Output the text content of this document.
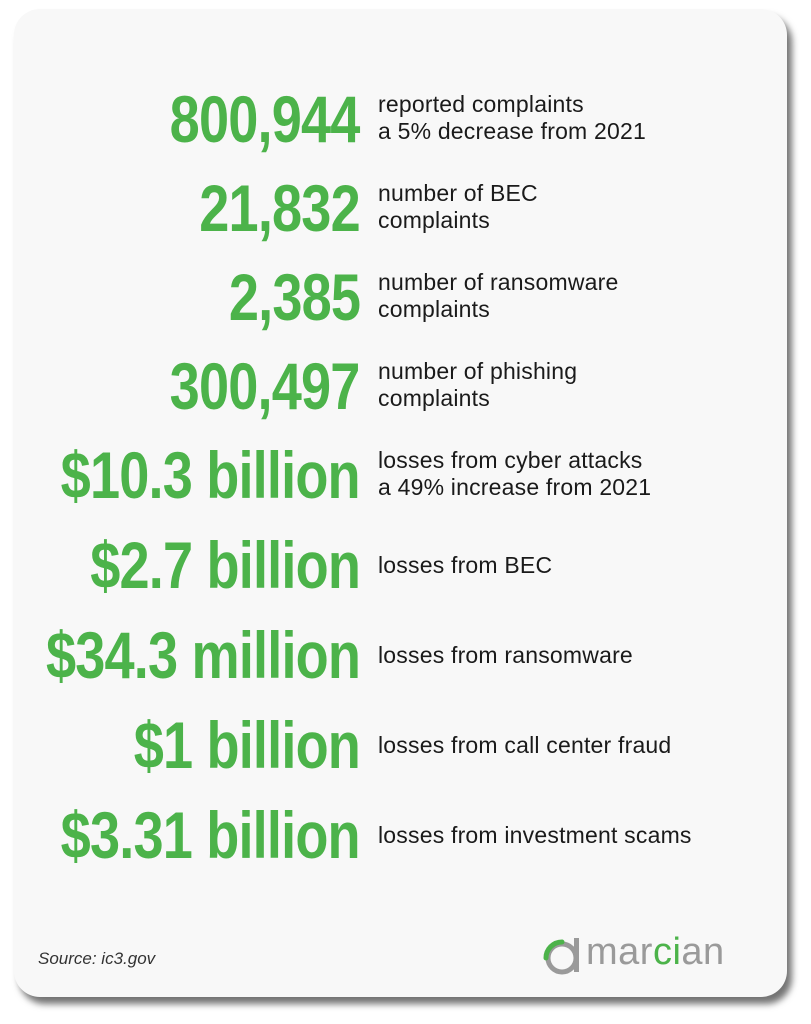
800,944 reported complaints
a 5% decrease from 2021
21,832 number of BEC
complaints
2,385 number of ransomware
complaints
300,497 number of phishing
complaints
$10.3 billion losses from cyber attacks
a 49% increase from 2021
$2.7 billion losses from BEC
$34.3 million losses from ransomware
$1 billion losses from call center fraud
$3.31 billion losses from investment scams
Source: ic3.gov	marcian
